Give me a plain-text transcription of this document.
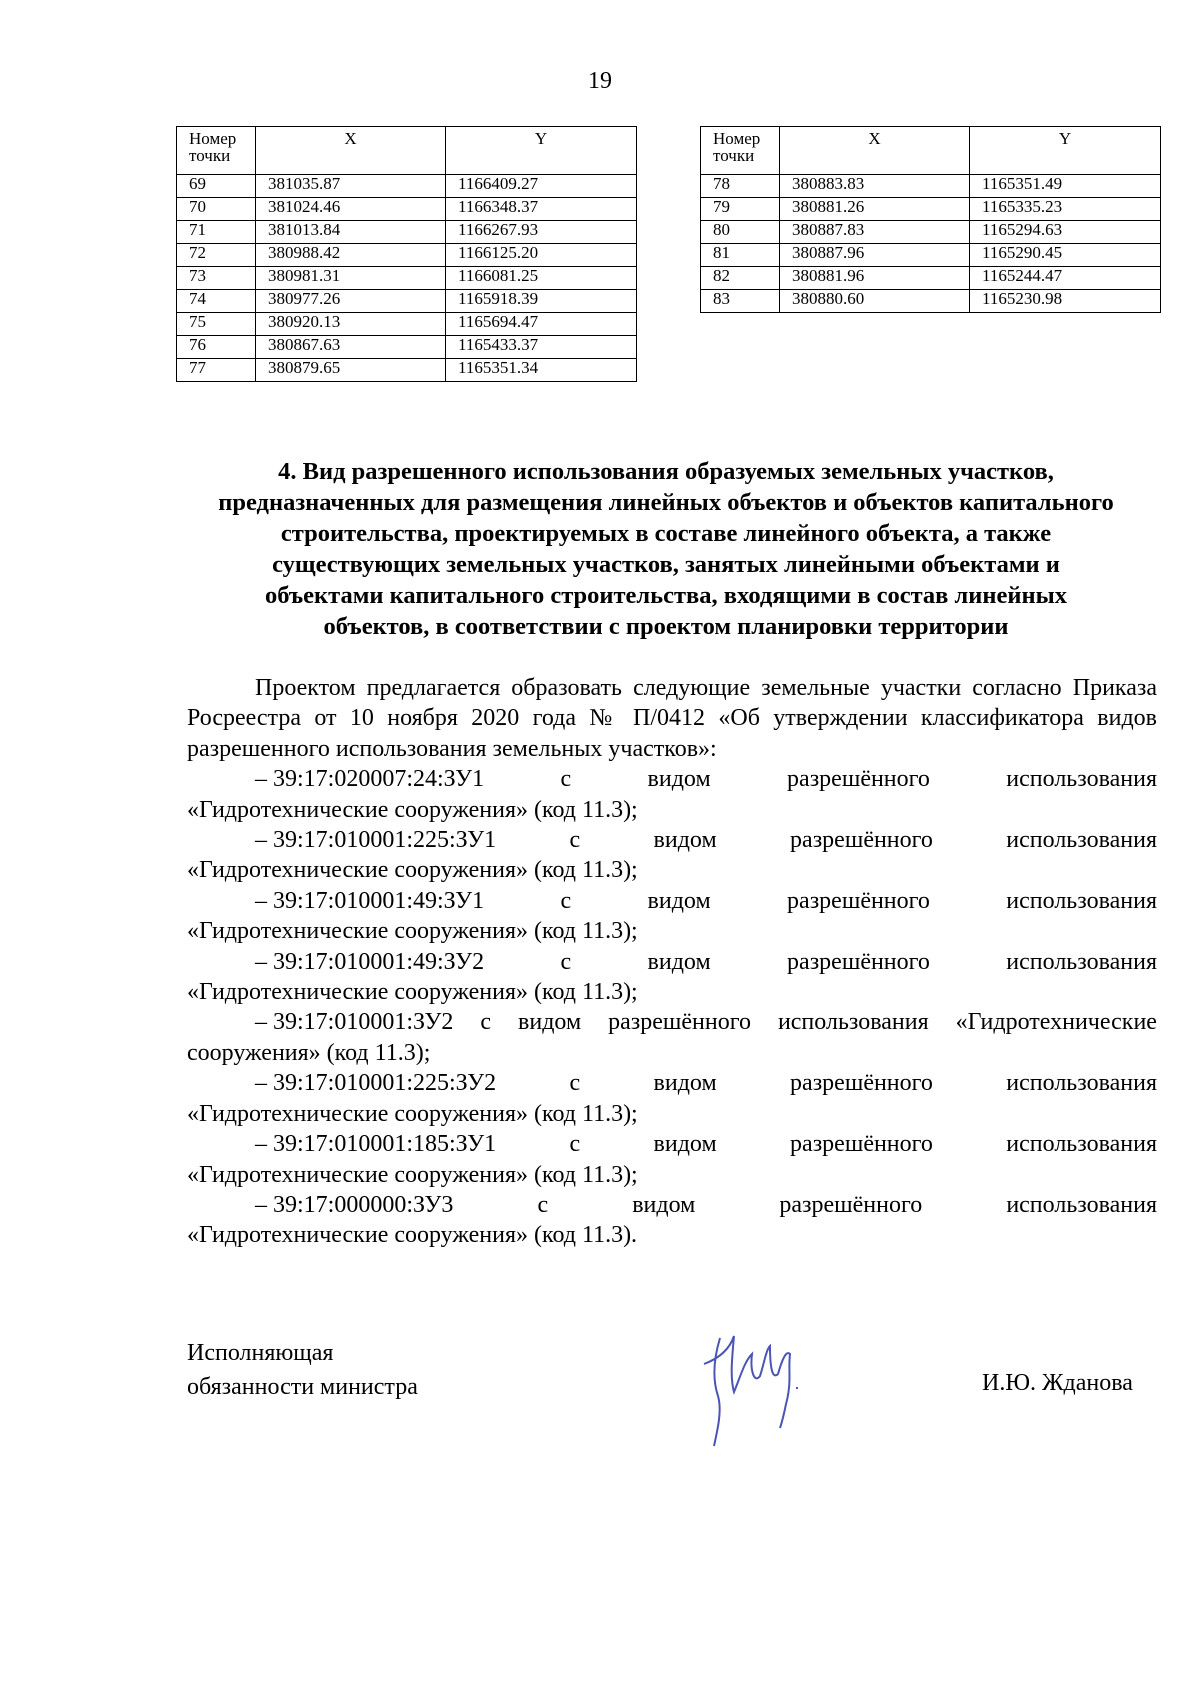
19
Номер
точки	X	Y
69	381035.87	1166409.27
70	381024.46	1166348.37
71	381013.84	1166267.93
72	380988.42	1166125.20
73	380981.31	1166081.25
74	380977.26	1165918.39
75	380920.13	1165694.47
76	380867.63	1165433.37
77	380879.65	1165351.34
Номер
точки	X	Y
78	380883.83	1165351.49
79	380881.26	1165335.23
80	380887.83	1165294.63
81	380887.96	1165290.45
82	380881.96	1165244.47
83	380880.60	1165230.98
4. Вид разрешенного использования образуемых земельных участков,
предназначенных для размещения линейных объектов и объектов капитального
строительства, проектируемых в составе линейного объекта, а также
существующих земельных участков, занятых линейными объектами и
объектами капитального строительства, входящими в состав линейных
объектов, в соответствии с проектом планировки территории

Проектом предлагается образовать следующие земельные участки согласно Приказа Росреестра от 10 ноября 2020 года № П/0412 «Об утверждении классификатора видов разрешенного использования земельных участков»:

– 39:17:020007:24:ЗУ1	с	видом	разрешённого	использования
«Гидротехнические сооружения» (код 11.3);
– 39:17:010001:225:ЗУ1	с	видом	разрешённого	использования
«Гидротехнические сооружения» (код 11.3);
– 39:17:010001:49:ЗУ1	с	видом	разрешённого	использования
«Гидротехнические сооружения» (код 11.3);
– 39:17:010001:49:ЗУ2	с	видом	разрешённого	использования
«Гидротехнические сооружения» (код 11.3);
– 39:17:010001:ЗУ2 с видом разрешённого использования «Гидротехнические
сооружения» (код 11.3);
– 39:17:010001:225:ЗУ2	с	видом	разрешённого	использования
«Гидротехнические сооружения» (код 11.3);
– 39:17:010001:185:ЗУ1	с	видом	разрешённого	использования
«Гидротехнические сооружения» (код 11.3);
– 39:17:000000:ЗУ3	с	видом	разрешённого	использования
«Гидротехнические сооружения» (код 11.3).
Исполняющая
обязанности министра	И.Ю. Жданова
